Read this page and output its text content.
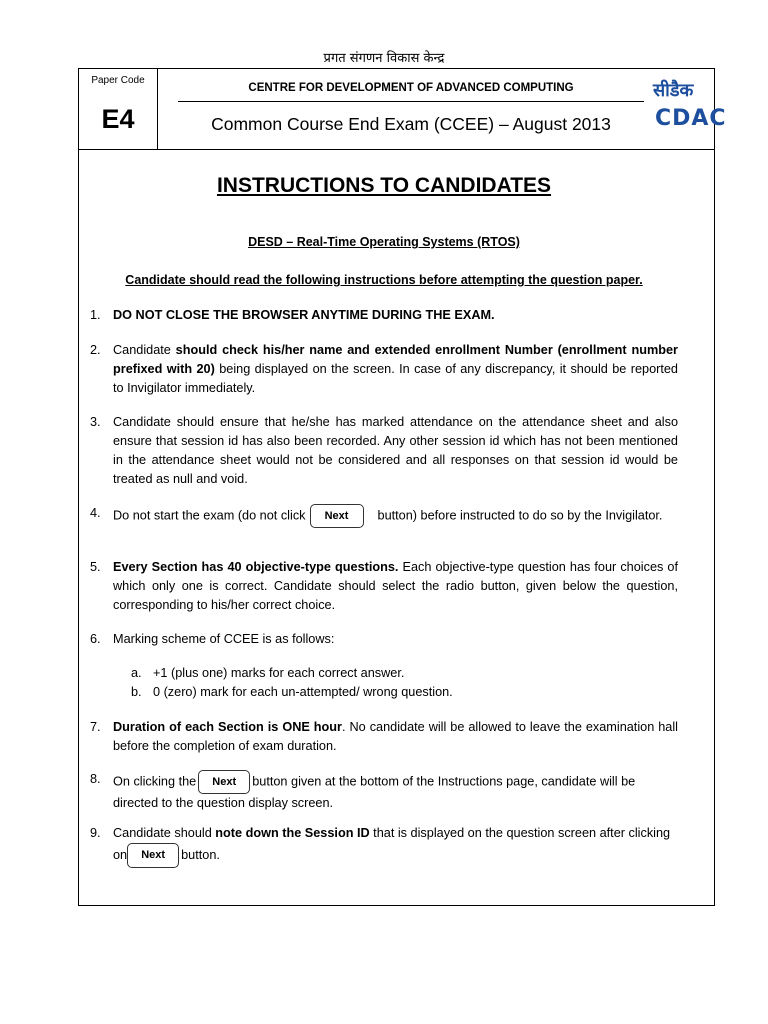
प्रगत संगणन विकास केन्द्र
Paper Code
E4
CENTRE FOR DEVELOPMENT OF ADVANCED COMPUTING
Common Course End Exam (CCEE) – August 2013
सीडैक
CDAC
INSTRUCTIONS TO CANDIDATES
DESD – Real-Time Operating Systems (RTOS)
Candidate should read the following instructions before attempting the question paper.
1. DO NOT CLOSE THE BROWSER ANYTIME DURING THE EXAM.
2. Candidate should check his/her name and extended enrollment Number (enrollment number prefixed with 20) being displayed on the screen. In case of any discrepancy, it should be reported to Invigilator immediately.
3. Candidate should ensure that he/she has marked attendance on the attendance sheet and also ensure that session id has also been recorded. Any other session id which has not been mentioned in the attendance sheet would not be considered and all responses on that session id would be treated as null and void.
4. Do not start the exam (do not click Next button) before instructed to do so by the Invigilator.
5. Every Section has 40 objective-type questions. Each objective-type question has four choices of which only one is correct. Candidate should select the radio button, given below the question, corresponding to his/her correct choice.
6. Marking scheme of CCEE is as follows:
a. +1 (plus one) marks for each correct answer.
b. 0 (zero) mark for each un-attempted/ wrong question.
7. Duration of each Section is ONE hour. No candidate will be allowed to leave the examination hall before the completion of exam duration.
8. On clicking the Next button given at the bottom of the Instructions page, candidate will be directed to the question display screen.
9. Candidate should note down the Session ID that is displayed on the question screen after clicking on Next button.
